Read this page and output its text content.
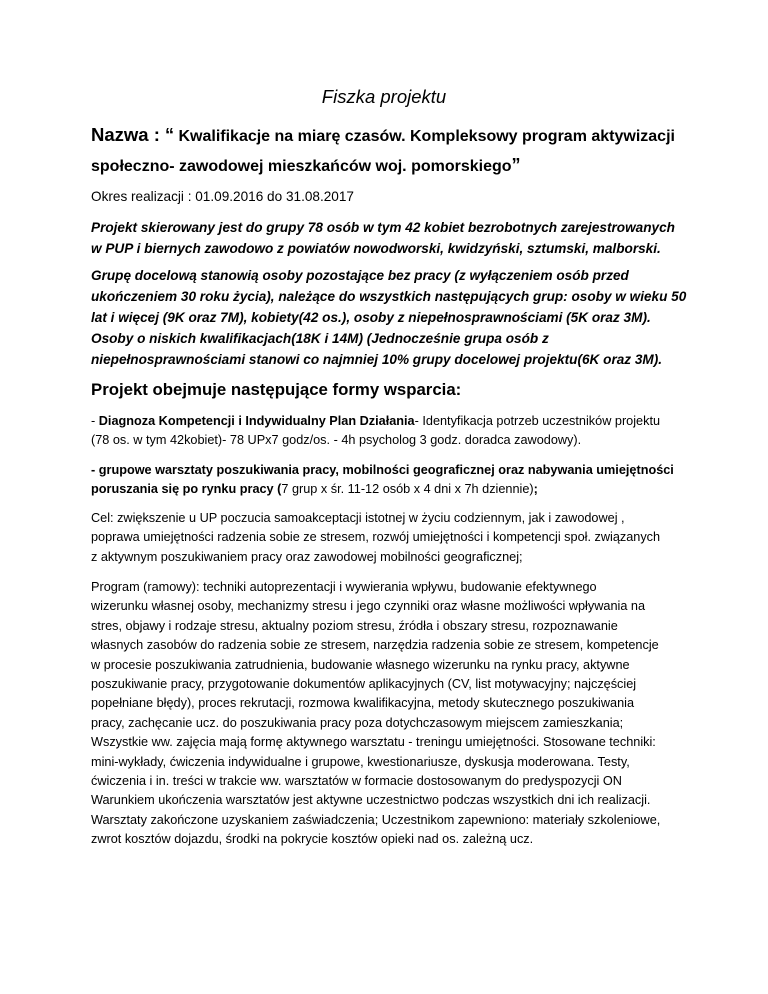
Fiszka projektu
Nazwa : “ Kwalifikacje na miarę czasów. Kompleksowy program aktywizacji
społeczno- zawodowej mieszkańców woj. pomorskiego”
Okres realizacji : 01.09.2016 do 31.08.2017
Projekt skierowany jest do grupy 78 osób w tym 42 kobiet bezrobotnych zarejestrowanych
w PUP i biernych zawodowo z powiatów nowodworski, kwidzyński, sztumski, malborski.
Grupę docelową stanowią osoby pozostające bez pracy (z wyłączeniem osób przed
ukończeniem 30 roku życia), należące do wszystkich następujących grup: osoby w wieku 50
lat i więcej (9K oraz 7M), kobiety(42 os.), osoby z niepełnosprawnościami (5K oraz 3M).
Osoby o niskich kwalifikacjach(18K i 14M) (Jednocześnie grupa osób z
niepełnosprawnościami stanowi co najmniej 10% grupy docelowej projektu(6K oraz 3M).
Projekt obejmuje następujące formy wsparcia:
- Diagnoza Kompetencji i Indywidualny Plan Działania- Identyfikacja potrzeb uczestników projektu
(78 os. w tym 42kobiet)- 78 UPx7 godz/os. - 4h psycholog 3 godz. doradca zawodowy).
- grupowe warsztaty poszukiwania pracy, mobilności geograficznej oraz nabywania umiejętności
poruszania się po rynku pracy (7 grup x śr. 11-12 osób x 4 dni x 7h dziennie);
Cel: zwiększenie u UP poczucia samoakceptacji istotnej w życiu codziennym, jak i zawodowej ,
poprawa umiejętności radzenia sobie ze stresem, rozwój umiejętności i kompetencji społ. związanych
z aktywnym poszukiwaniem pracy oraz zawodowej mobilności geograficznej;
Program (ramowy): techniki autoprezentacji i wywierania wpływu, budowanie efektywnego
wizerunku własnej osoby, mechanizmy stresu i jego czynniki oraz własne możliwości wpływania na
stres, objawy i rodzaje stresu, aktualny poziom stresu, źródła i obszary stresu, rozpoznawanie
własnych zasobów do radzenia sobie ze stresem, narzędzia radzenia sobie ze stresem, kompetencje
w procesie poszukiwania zatrudnienia, budowanie własnego wizerunku na rynku pracy, aktywne
poszukiwanie pracy, przygotowanie dokumentów aplikacyjnych (CV, list motywacyjny; najczęściej
popełniane błędy), proces rekrutacji, rozmowa kwalifikacyjna, metody skutecznego poszukiwania
pracy, zachęcanie ucz. do poszukiwania pracy poza dotychczasowym miejscem zamieszkania;
Wszystkie ww. zajęcia mają formę aktywnego warsztatu - treningu umiejętności. Stosowane techniki:
mini-wykłady, ćwiczenia indywidualne i grupowe, kwestionariusze, dyskusja moderowana. Testy,
ćwiczenia i in. treści w trakcie ww. warsztatów w formacie dostosowanym do predyspozycji ON
Warunkiem ukończenia warsztatów jest aktywne uczestnictwo podczas wszystkich dni ich realizacji.
Warsztaty zakończone uzyskaniem zaświadczenia; Uczestnikom zapewniono: materiały szkoleniowe,
zwrot kosztów dojazdu, środki na pokrycie kosztów opieki nad os. zależną ucz.
